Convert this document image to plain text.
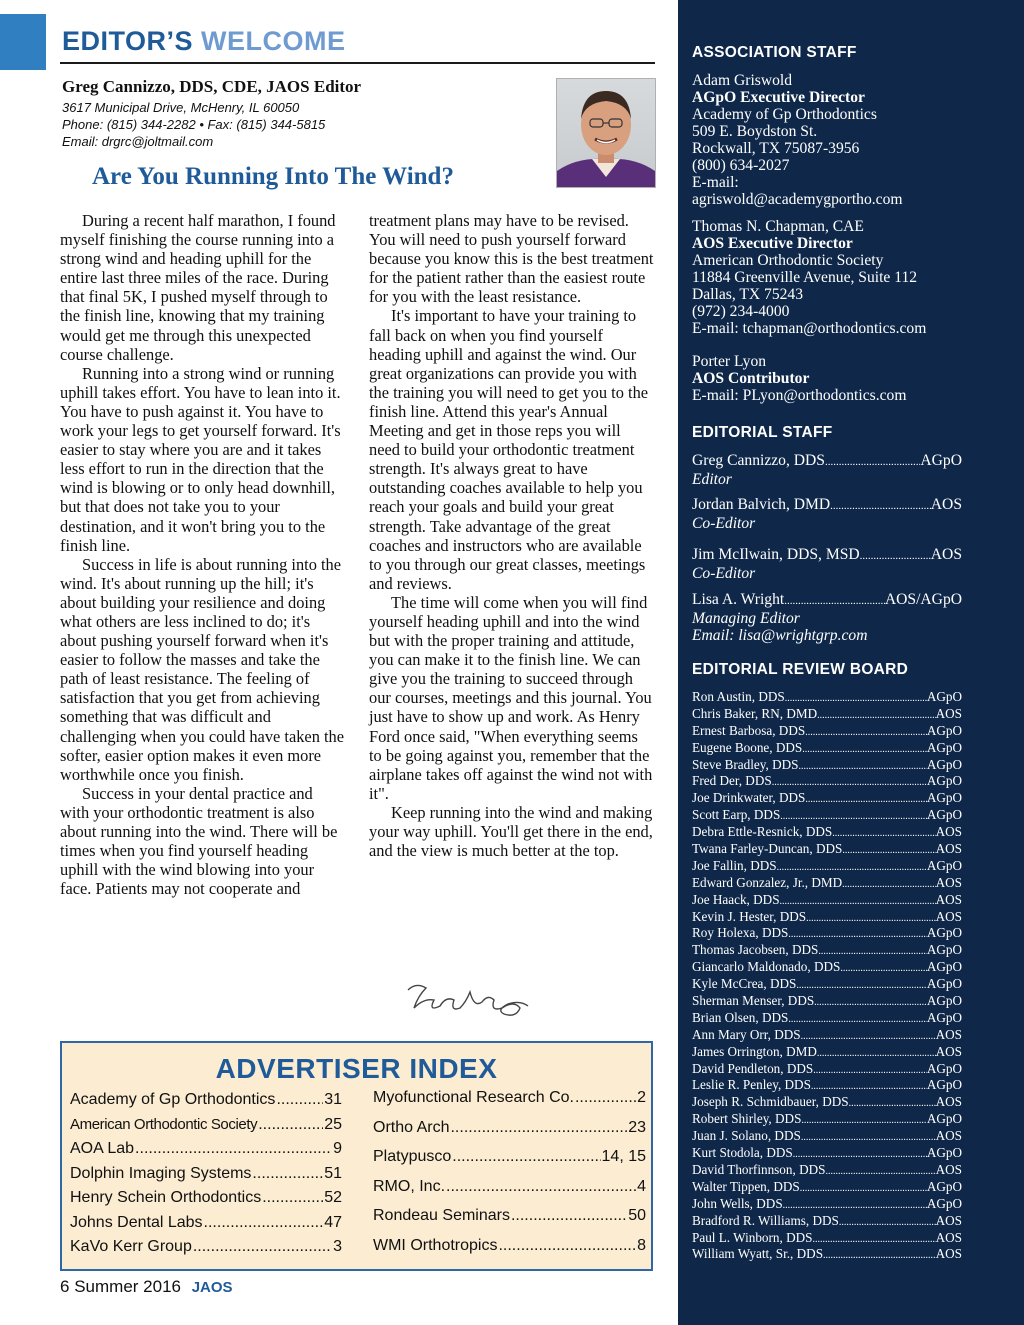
EDITOR’S WELCOME
Greg Cannizzo, DDS, CDE, JAOS Editor
3617 Municipal Drive, McHenry, IL 60050
Phone: (815) 344-2282 • Fax: (815) 344-5815
Email: drgrc@joltmail.com
Are You Running Into The Wind?

During a recent half marathon, I found myself finishing the course running into a strong wind and heading uphill for the entire last three miles of the race. During that final 5K, I pushed myself through to the finish line, knowing that my training would get me through this unexpected course challenge.

Running into a strong wind or running uphill takes effort. You have to lean into it. You have to push against it. You have to work your legs to get yourself forward. It's easier to stay where you are and it takes less effort to run in the direction that the wind is blowing or to only head downhill, but that does not take you to your destination, and it won't bring you to the finish line.

Success in life is about running into the wind. It's about running up the hill; it's about building your resilience and doing what others are less inclined to do; it's about pushing yourself forward when it's easier to follow the masses and take the path of least resistance. The feeling of satisfaction that you get from achieving something that was difficult and challenging when you could have taken the softer, easier option makes it even more worthwhile once you finish.

Success in your dental practice and with your orthodontic treatment is also about running into the wind. There will be times when you find yourself heading uphill with the wind blowing into your face. Patients may not cooperate and

treatment plans may have to be revised. You will need to push yourself forward because you know this is the best treatment for the patient rather than the easiest route for you with the least resistance.

It's important to have your training to fall back on when you find yourself heading uphill and against the wind. Our great organizations can provide you with the training you will need to get you to the finish line. Attend this year's Annual Meeting and get in those reps you will need to build your orthodontic treatment strength. It's always great to have outstanding coaches available to help you reach your goals and build your great strength. Take advantage of the great coaches and instructors who are available to you through our great classes, meetings and reviews.

The time will come when you will find yourself heading uphill and into the wind but with the proper training and attitude, you can make it to the finish line. We can give you the training to succeed through our courses, meetings and this journal. You just have to show up and work. As Henry Ford once said, "When everything seems to be going against you, remember that the airplane takes off against the wind not with it".

Keep running into the wind and making your way uphill. You'll get there in the end, and the view is much better at the top.

ADVERTISER INDEX
Academy of Gp Orthodontics .....	31
American Orthodontic Society .....	25
AOA Lab .....	9
Dolphin Imaging Systems .....	51
Henry Schein Orthodontics .....	52
Johns Dental Labs .....	47
KaVo Kerr Group .....	3
Myofunctional Research Co. .....	2
Ortho Arch .....	23
Platypusco .....	14, 15
RMO, Inc. .....	4
Rondeau Seminars .....	50
WMI Orthotropics .....	8
6 Summer 2016 JAOS
ASSOCIATION STAFF
Adam Griswold
AGpO Executive Director
Academy of Gp Orthodontics
509 E. Boydston St.
Rockwall, TX 75087-3956
(800) 634-2027
E-mail:
agriswold@academygportho.com
Thomas N. Chapman, CAE
AOS Executive Director
American Orthodontic Society
11884 Greenville Avenue, Suite 112
Dallas, TX 75243
(972) 234-4000
E-mail: tchapman@orthodontics.com
Porter Lyon
AOS Contributor
E-mail: PLyon@orthodontics.com
EDITORIAL STAFF
Greg Cannizzo, DDS .....	AGpO
Editor
Jordan Balvich, DMD .....	AOS
Co-Editor
Jim McIlwain, DDS, MSD .....	AOS
Co-Editor
Lisa A. Wright .....	AOS/AGpO
Managing Editor
Email: lisa@wrightgrp.com
EDITORIAL REVIEW BOARD
Ron Austin, DDS .....	AGpO
Chris Baker, RN, DMD .....	AOS
Ernest Barbosa, DDS .....	AGpO
Eugene Boone, DDS .....	AGpO
Steve Bradley, DDS .....	AGpO
Fred Der, DDS .....	AGpO
Joe Drinkwater, DDS .....	AGpO
Scott Earp, DDS .....	AGpO
Debra Ettle-Resnick, DDS .....	AOS
Twana Farley-Duncan, DDS .....	AOS
Joe Fallin, DDS .....	AGpO
Edward Gonzalez, Jr., DMD .....	AOS
Joe Haack, DDS .....	AOS
Kevin J. Hester, DDS .....	AOS
Roy Holexa, DDS .....	AGpO
Thomas Jacobsen, DDS .....	AGpO
Giancarlo Maldonado, DDS .....	AGpO
Kyle McCrea, DDS .....	AGpO
Sherman Menser, DDS .....	AGpO
Brian Olsen, DDS .....	AGpO
Ann Mary Orr, DDS .....	AOS
James Orrington, DMD .....	AOS
David Pendleton, DDS .....	AGpO
Leslie R. Penley, DDS .....	AGpO
Joseph R. Schmidbauer, DDS .....	AOS
Robert Shirley, DDS .....	AGpO
Juan J. Solano, DDS .....	AOS
Kurt Stodola, DDS .....	AGpO
David Thorfinnson, DDS .....	AOS
Walter Tippen, DDS .....	AGpO
John Wells, DDS .....	AGpO
Bradford R. Williams, DDS .....	AOS
Paul L. Winborn, DDS .....	AOS
William Wyatt, Sr., DDS .....	AOS
